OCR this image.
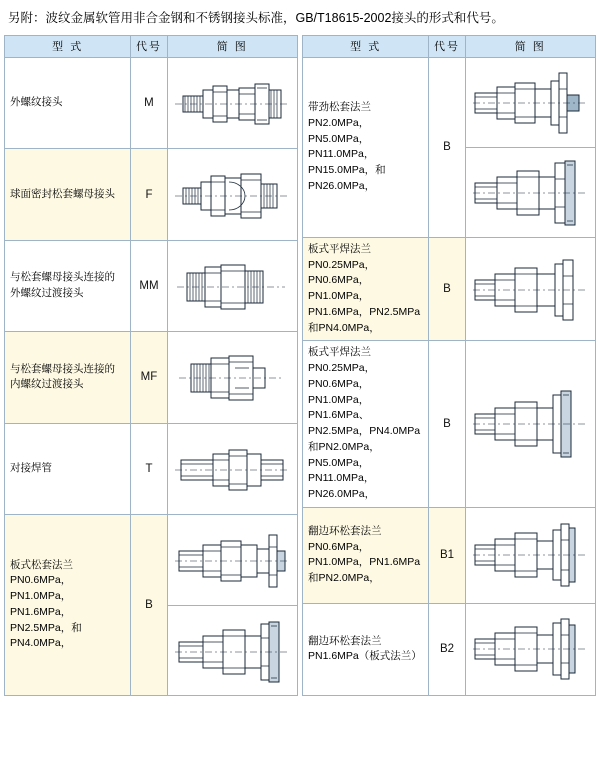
另附：波纹金属软管用非合金钢和不锈钢接头标准，GB/T18615-2002接头的形式和代号。
型 式	代号	简 图
外螺纹接头	M	

球面密封松套螺母接头	F	

与松套螺母接头连接的外螺纹过渡接头	MM	

与松套螺母接头连接的内螺纹过渡接头	MF	

对接焊管	T	

板式松套法兰 PN0.6MPa，PN1.0MPa，PN1.6MPa，PN2.5MPa，和PN4.0MPa，	B	

型 式	代号	简 图
带劲松套法兰 PN2.0MPa，PN5.0MPa，PN11.0MPa，PN15.0MPa，和PN26.0MPa，	B	

板式平焊法兰 PN0.25MPa，PN0.6MPa，PN1.0MPa，PN1.6MPa，PN2.5MPa和PN4.0MPa，	B	

板式平焊法兰 PN0.25MPa，PN0.6MPa，PN1.0MPa，PN1.6MPa、PN2.5MPa，PN4.0MPa和PN2.0MPa，PN5.0MPa，PN11.0MPa，PN26.0MPa，	B	

翻边环松套法兰 PN0.6MPa，PN1.0MPa，PN1.6MPa和PN2.0MPa，	B1	

翻边环松套法兰 PN1.6MPa（板式法兰）	B2	
